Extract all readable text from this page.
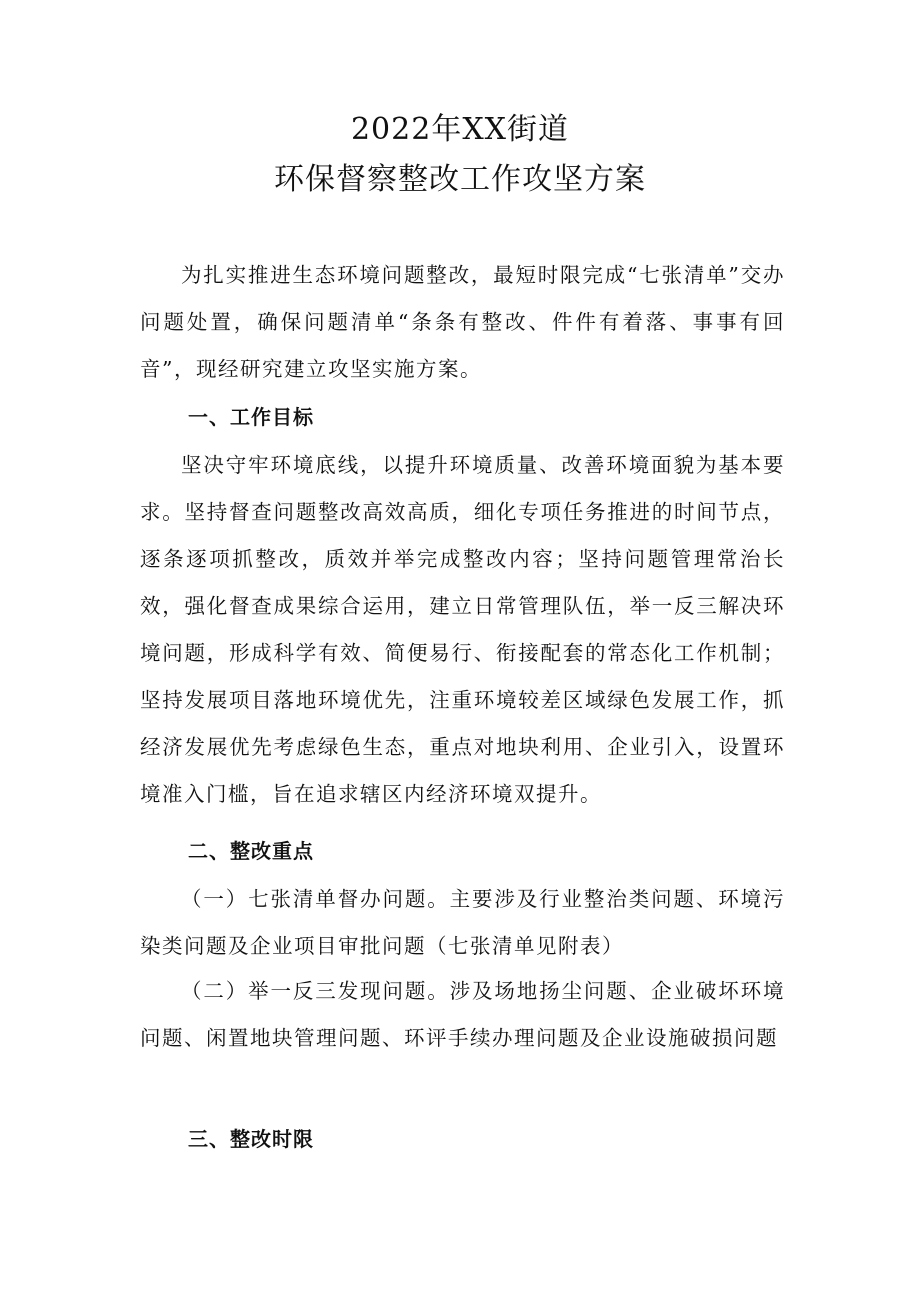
2022年XX街道
环保督察整改工作攻坚方案

为扎实推进生态环境问题整改，最短时限完成“七张清单”交办问题处置，确保问题清单“条条有整改、件件有着落、事事有回音”，现经研究建立攻坚实施方案。

一、工作目标

坚决守牢环境底线，以提升环境质量、改善环境面貌为基本要求。坚持督查问题整改高效高质，细化专项任务推进的时间节点，逐条逐项抓整改，质效并举完成整改内容；坚持问题管理常治长效，强化督查成果综合运用，建立日常管理队伍，举一反三解决环境问题，形成科学有效、简便易行、衔接配套的常态化工作机制；坚持发展项目落地环境优先，注重环境较差区域绿色发展工作，抓经济发展优先考虑绿色生态，重点对地块利用、企业引入，设置环境准入门槛，旨在追求辖区内经济环境双提升。

二、整改重点

（一）七张清单督办问题。主要涉及行业整治类问题、环境污染类问题及企业项目审批问题（七张清单见附表）

（二）举一反三发现问题。涉及场地扬尘问题、企业破坏环境问题、闲置地块管理问题、环评手续办理问题及企业设施破损问题

三、整改时限
